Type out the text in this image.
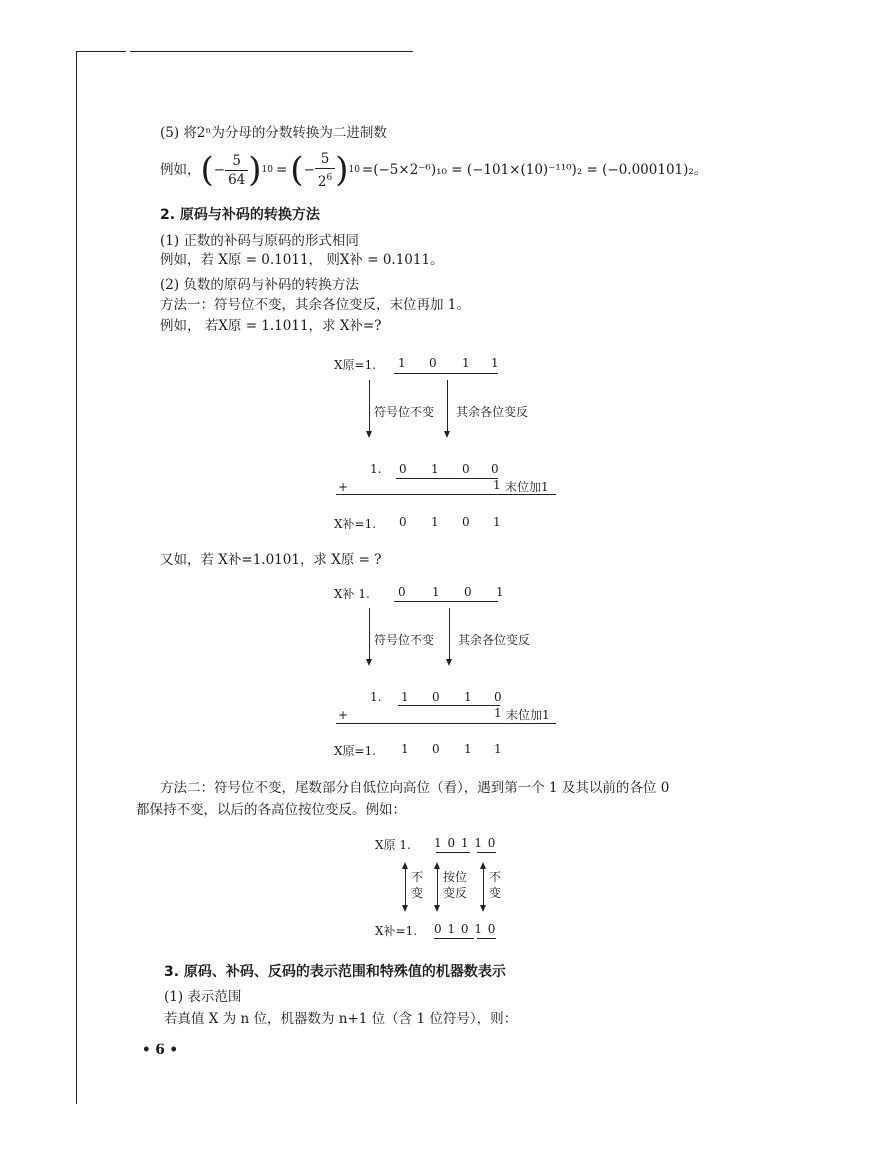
(5) 将2ⁿ为分母的分数转换为二进制数
例如， ( − $\frac{5}{64}$ ) 10 = ( − $\frac{5}{2^6}$ ) 10 =(−5×2⁻⁶)₁₀ = (−101×(10)⁻¹¹⁰)₂ = (−0.000101)₂。
2. 原码与补码的转换方法
(1) 正数的补码与原码的形式相同
例如，若 X原 = 0.1011， 则X补 = 0.1011。
(2) 负数的原码与补码的转换方法
方法一：符号位不变，其余各位变反，末位再加 1。
例如， 若X原 = 1.1011，求 X补=?
X原=1. 1 0 1 1
符号位不变 其余各位变反
1. 0 1 0 0
+	1 末位加1
X补=1. 0 1 0 1
又如，若 X补=1.0101，求 X原 = ?
X补 1. 0 1 0 1
符号位不变 其余各位变反
1. 1 0 1 0
+	1 末位加1
X原=1. 1 0 1 1
方法二：符号位不变，尾数部分自低位向高位（看），遇到第一个 1 及其以前的各位 0
都保持不变，以后的各高位按位变反。例如：
X原 1. 1 0 1 1 0
不
变
按位
变反
不
变
X补=1. 0 1 0 1 0
3. 原码、补码、反码的表示范围和特殊值的机器数表示
(1) 表示范围
若真值 X 为 n 位，机器数为 n+1 位（含 1 位符号），则：
• 6 •
